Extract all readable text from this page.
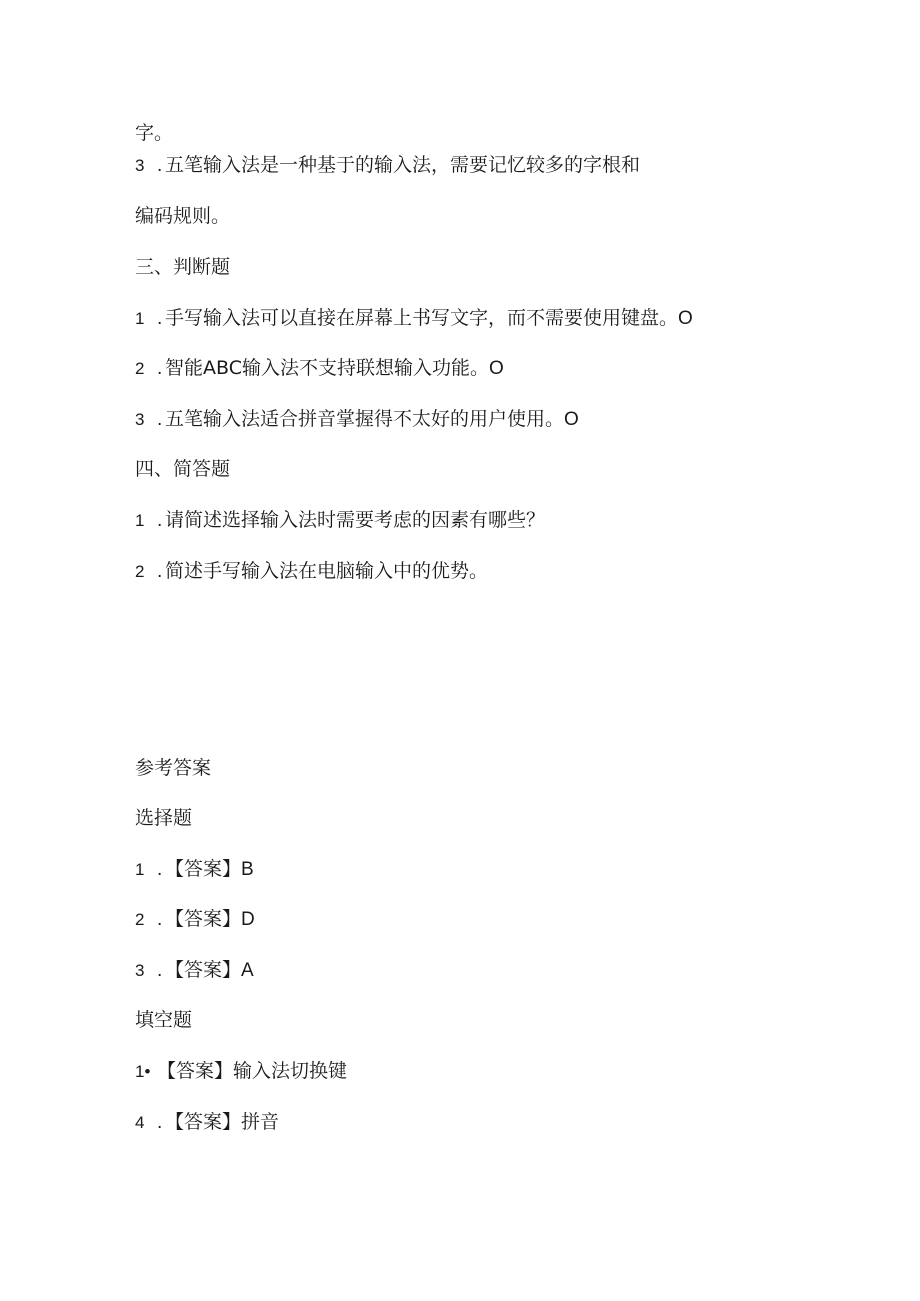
字。
3 . 五笔输入法是一种基于的输入法，需要记忆较多的字根和
编码规则。
三、判断题
1 . 手写输入法可以直接在屏幕上书写文字，而不需要使用键盘。O
2 . 智能ABC输入法不支持联想输入功能。O
3 . 五笔输入法适合拼音掌握得不太好的用户使用。O
四、简答题
1 . 请简述选择输入法时需要考虑的因素有哪些？
2 . 简述手写输入法在电脑输入中的优势。
参考答案
选择题
1 . 【答案】B
2 . 【答案】D
3 . 【答案】A
填空题
1• 【答案】输入法切换键
4 . 【答案】拼音
